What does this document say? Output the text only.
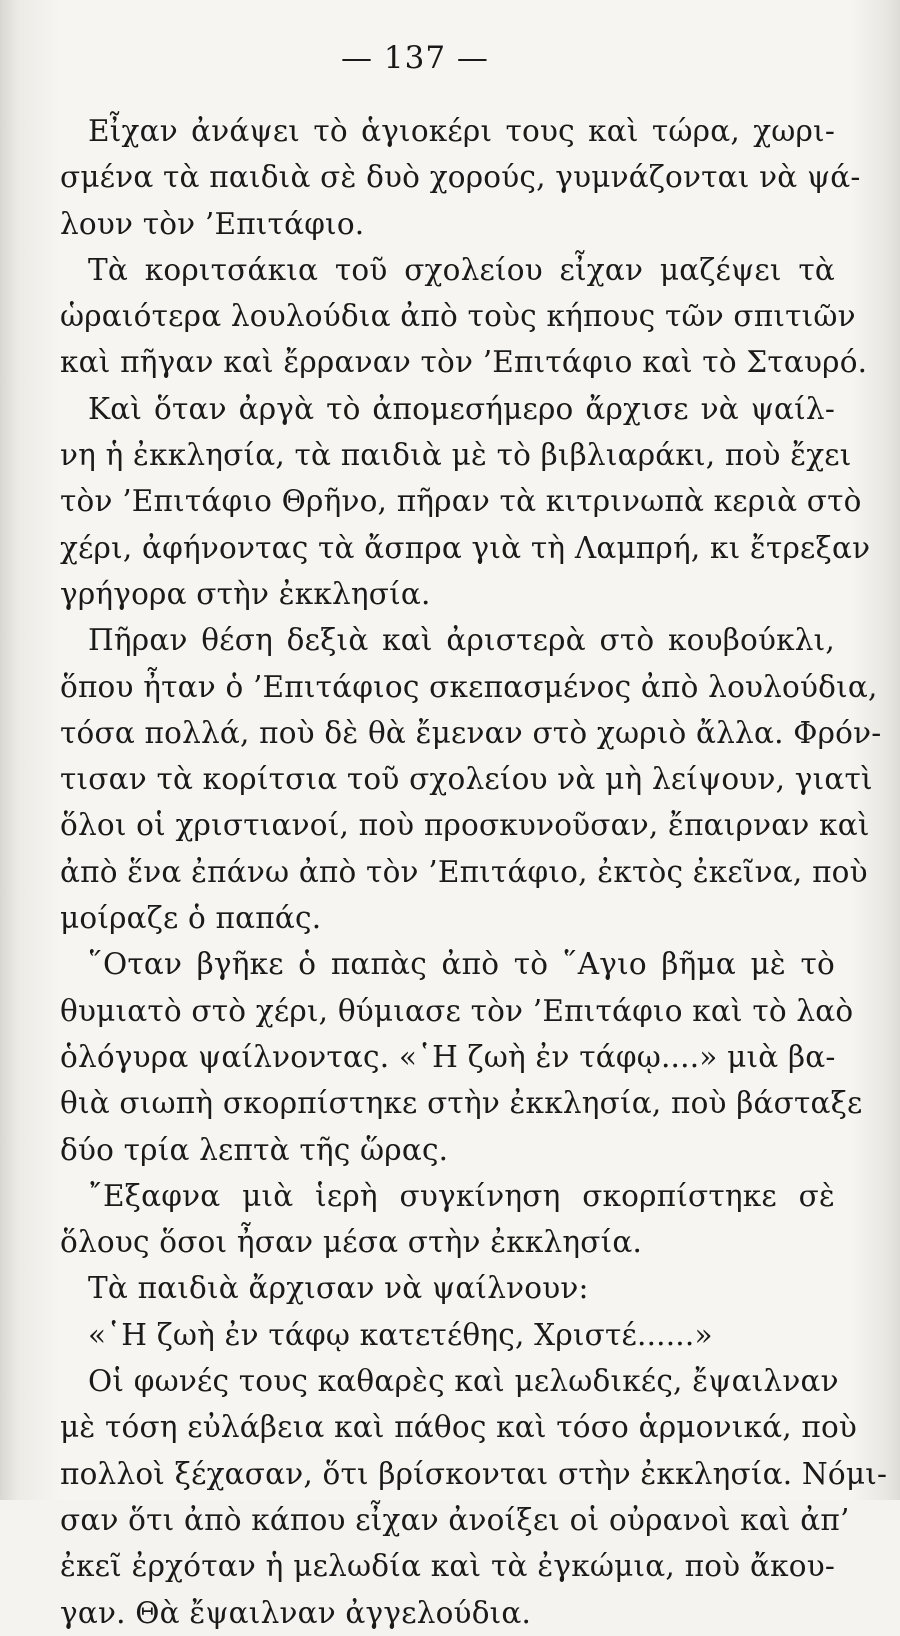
— 137 —
Εἶχαν ἀνάψει τὸ ἁγιοκέρι τους καὶ τώρα, χωρι-
σμένα τὰ παιδιὰ σὲ δυὸ χορούς, γυμνάζονται νὰ ψά-
λουν τὸν ’Επιτάφιο.
Τὰ κοριτσάκια τοῦ σχολείου εἶχαν μαζέψει τὰ
ὡραιότερα λουλούδια ἀπὸ τοὺς κήπους τῶν σπιτιῶν
καὶ πῆγαν καὶ ἔρραναν τὸν ’Επιτάφιο καὶ τὸ Σταυρό.
Καὶ ὅταν ἀργὰ τὸ ἀπομεσήμερο ἄρχισε νὰ ψαίλ-
νη ἡ ἐκκλησία, τὰ παιδιὰ μὲ τὸ βιβλιαράκι, ποὺ ἔχει
τὸν ’Επιτάφιο Θρῆνο, πῆραν τὰ κιτρινωπὰ κεριὰ στὸ
χέρι, ἀφήνοντας τὰ ἄσπρα γιὰ τὴ Λαμπρή, κι ἔτρεξαν
γρήγορα στὴν ἐκκλησία.
Πῆραν θέση δεξιὰ καὶ ἀριστερὰ στὸ κουβούκλι,
ὅπου ἦταν ὁ ’Επιτάφιος σκεπασμένος ἀπὸ λουλούδια,
τόσα πολλά, ποὺ δὲ θὰ ἔμεναν στὸ χωριὸ ἄλλα. Φρόν-
τισαν τὰ κορίτσια τοῦ σχολείου νὰ μὴ λείψουν, γιατὶ
ὅλοι οἱ χριστιανοί, ποὺ προσκυνοῦσαν, ἔπαιρναν καὶ
ἀπὸ ἕνα ἐπάνω ἀπὸ τὸν ’Επιτάφιο, ἐκτὸς ἐκεῖνα, ποὺ
μοίραζε ὁ παπάς.
῞Οταν βγῆκε ὁ παπὰς ἀπὸ τὸ ῞Αγιο βῆμα μὲ τὸ
θυμιατὸ στὸ χέρι, θύμιασε τὸν ’Επιτάφιο καὶ τὸ λαὸ
ὁλόγυρα ψαίλνοντας. «῾Η ζωὴ ἐν τάφῳ....» μιὰ βα-
θιὰ σιωπὴ σκορπίστηκε στὴν ἐκκλησία, ποὺ βάσταξε
δύο τρία λεπτὰ τῆς ὥρας.
῎Εξαφνα μιὰ ἱερὴ συγκίνηση σκορπίστηκε σὲ
ὅλους ὅσοι ἦσαν μέσα στὴν ἐκκλησία.
Τὰ παιδιὰ ἄρχισαν νὰ ψαίλνουν:
«῾Η ζωὴ ἐν τάφῳ κατετέθης, Χριστέ......»
Οἱ φωνές τους καθαρὲς καὶ μελωδικές, ἔψαιλναν
μὲ τόση εὐλάβεια καὶ πάθος καὶ τόσο ἁρμονικά, ποὺ
πολλοὶ ξέχασαν, ὅτι βρίσκονται στὴν ἐκκλησία. Νόμι-
σαν ὅτι ἀπὸ κάπου εἶχαν ἀνοίξει οἱ οὐρανοὶ καὶ ἀπ’
ἐκεῖ ἐρχόταν ἡ μελωδία καὶ τὰ ἐγκώμια, ποὺ ἄκου-
γαν. Θὰ ἔψαιλναν ἀγγελούδια.
